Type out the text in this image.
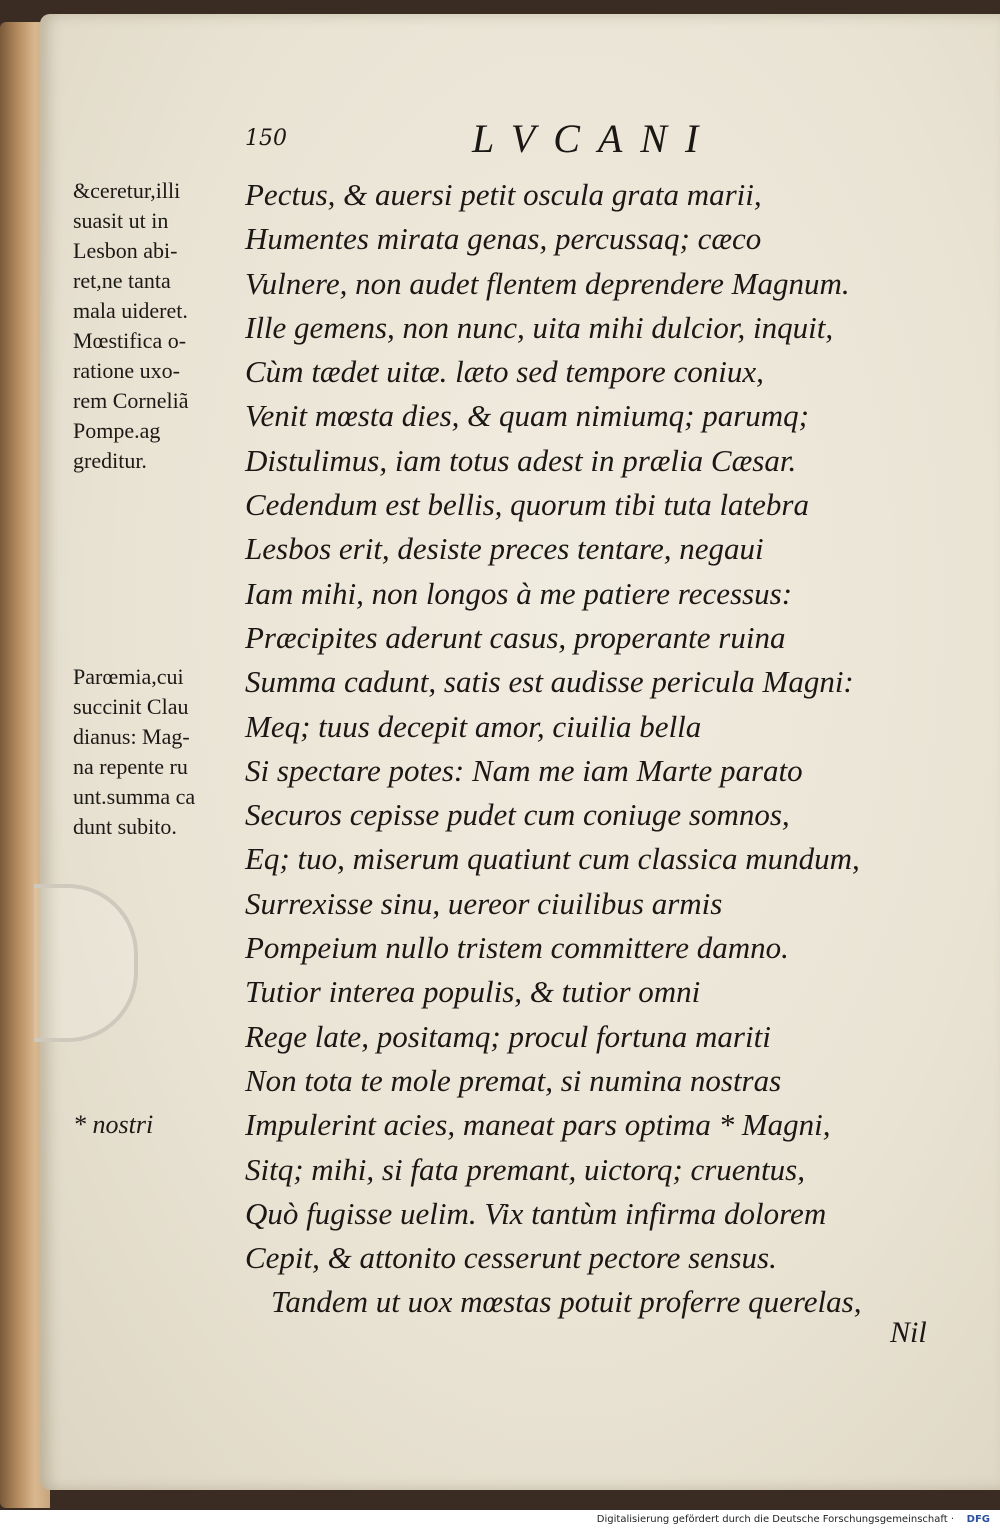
150	LVCANI
&ceretur,illi
suasit ut in
Lesbon abi-
ret,ne tanta
mala uideret.
Mœstifica o-
ratione uxo-
rem Corneliã
Pompe.ag
greditur.
Parœmia,cui
succinit Clau
dianus: Mag-
na repente ru
unt.summa ca
dunt subito.
* nostri
Pectus, & auersi petit oscula grata marii,
Humentes mirata genas, percussaq; cæco
Vulnere, non audet flentem deprendere Magnum.
Ille gemens, non nunc, uita mihi dulcior, inquit,
Cùm tædet uitæ. læto sed tempore coniux,
Venit mœsta dies, & quam nimiumq; parumq;
Distulimus, iam totus adest in prælia Cæsar.
Cedendum est bellis, quorum tibi tuta latebra
Lesbos erit, desiste preces tentare, negaui
Iam mihi, non longos à me patiere recessus:
Præcipites aderunt casus, properante ruina
Summa cadunt, satis est audisse pericula Magni:
Meq; tuus decepit amor, ciuilia bella
Si spectare potes: Nam me iam Marte parato
Securos cepisse pudet cum coniuge somnos,
Eq; tuo, miserum quatiunt cum classica mundum,
Surrexisse sinu, uereor ciuilibus armis
Pompeium nullo tristem committere damno.
Tutior interea populis, & tutior omni
Rege late, positamq; procul fortuna mariti
Non tota te mole premat, si numina nostras
Impulerint acies, maneat pars optima * Magni,
Sitq; mihi, si fata premant, uictorq; cruentus,
Quò fugisse uelim. Vix tantùm infirma dolorem
Cepit, & attonito cesserunt pectore sensus.
Tandem ut uox mœstas potuit proferre querelas,
Nil
Digitalisierung gefördert durch die Deutsche Forschungsgemeinschaft · DFG
